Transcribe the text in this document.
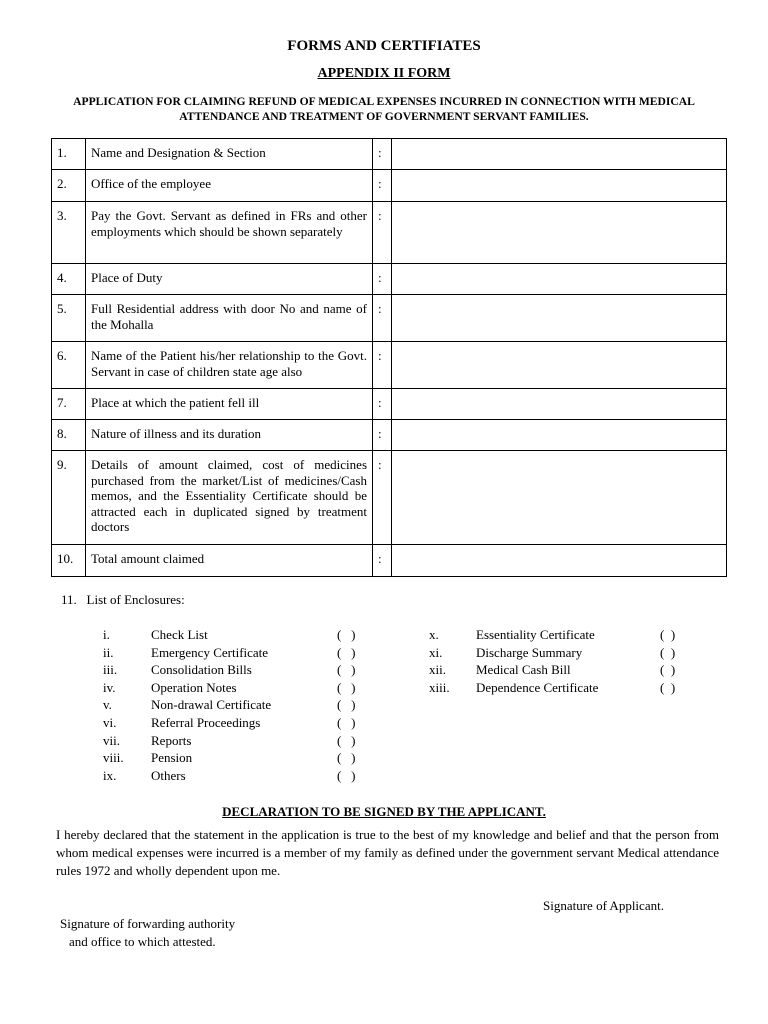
FORMS AND CERTIFIATES
APPENDIX II FORM
APPLICATION FOR CLAIMING REFUND OF MEDICAL EXPENSES INCURRED IN CONNECTION WITH MEDICAL ATTENDANCE AND TREATMENT OF GOVERNMENT SERVANT FAMILIES.
1.	Name and Designation & Section	:	
2.	Office of the employee	:	
3.	Pay the Govt. Servant as defined in FRs and other employments which should be shown separately	:	
4.	Place of Duty	:	
5.	Full Residential address with door No and name of the Mohalla	:	
6.	Name of the Patient his/her relationship to the Govt. Servant in case of children state age also	:	
7.	Place at which the patient fell ill	:	
8.	Nature of illness and its duration	:	
9.	Details of amount claimed, cost of medicines purchased from the market/List of medicines/Cash memos, and the Essentiality Certificate should be attracted each in duplicated signed by treatment doctors	:	
10.	Total amount claimed	:	
11.   List of Enclosures:
i.	Check List	(   )
ii.	Emergency Certificate	(   )
iii.	Consolidation Bills	(   )
iv.	Operation Notes	(   )
v.	Non-drawal Certificate	(   )
vi.	Referral Proceedings	(   )
vii.	Reports	(   )
viii.	Pension	(   )
ix.	Others	(   )
x.	Essentiality Certificate	(  )
xi.	Discharge Summary	(  )
xii.	Medical Cash Bill	(  )
xiii.	Dependence Certificate	(  )
DECLARATION TO BE SIGNED BY THE APPLICANT.
I hereby declared that the statement in the application is true to the best of my knowledge and belief and that the person from whom medical expenses were incurred is a member of my family as defined under the government servant Medical attendance rules 1972 and wholly dependent upon me.
Signature of Applicant.
Signature of forwarding authority
and office to which attested.
